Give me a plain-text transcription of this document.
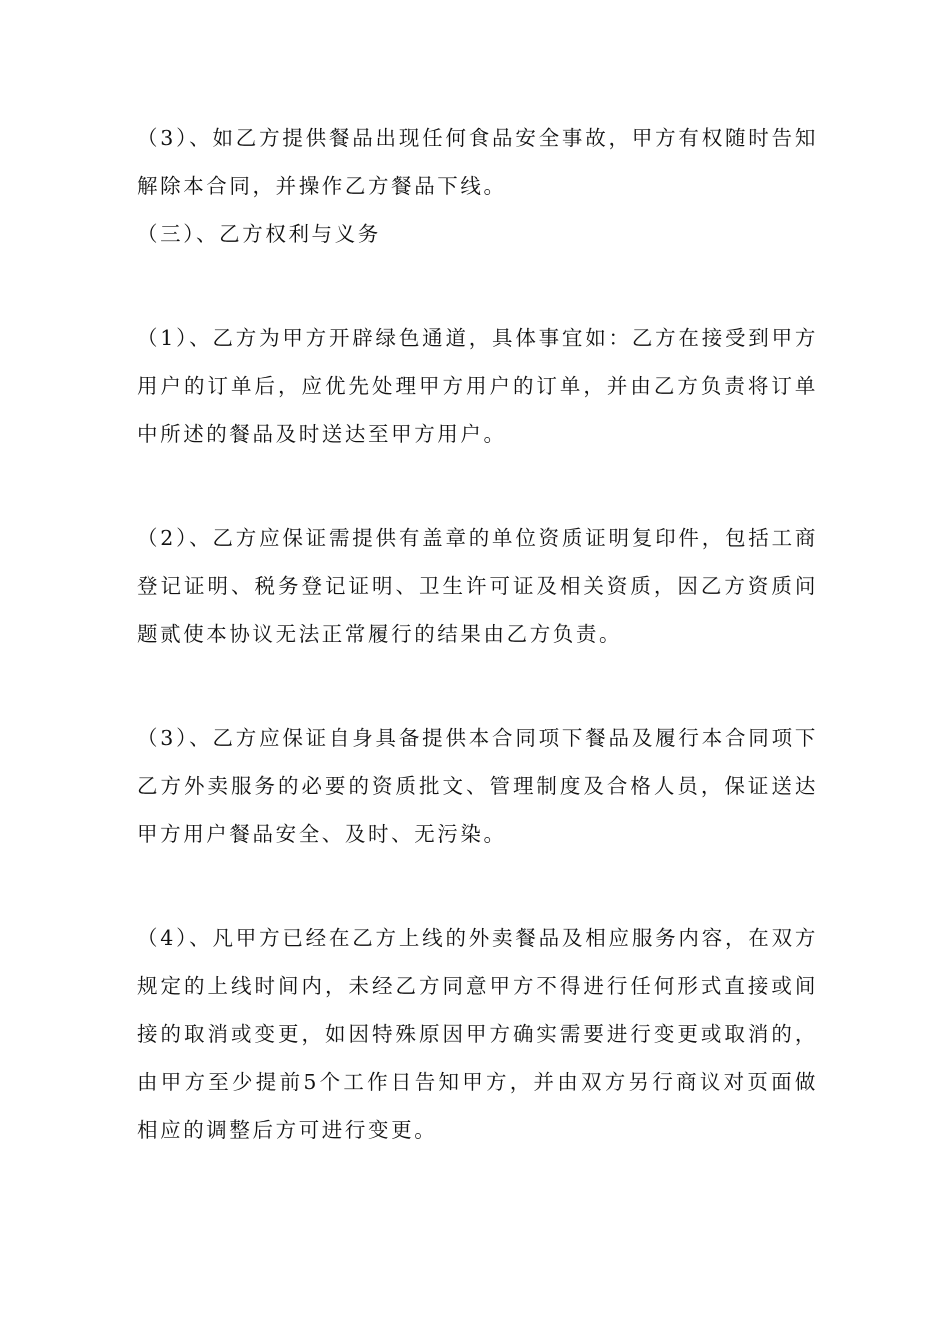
（3）、如乙方提供餐品出现任何食品安全事故，甲方有权随时告知解除本合同，并操作乙方餐品下线。

（三）、乙方权利与义务

（1）、乙方为甲方开辟绿色通道，具体事宜如：乙方在接受到甲方用户的订单后，应优先处理甲方用户的订单，并由乙方负责将订单中所述的餐品及时送达至甲方用户。

（2）、乙方应保证需提供有盖章的单位资质证明复印件，包括工商登记证明、税务登记证明、卫生许可证及相关资质，因乙方资质问题贰使本协议无法正常履行的结果由乙方负责。

（3）、乙方应保证自身具备提供本合同项下餐品及履行本合同项下乙方外卖服务的必要的资质批文、管理制度及合格人员，保证送达甲方用户餐品安全、及时、无污染。

（4）、凡甲方已经在乙方上线的外卖餐品及相应服务内容，在双方规定的上线时间内，未经乙方同意甲方不得进行任何形式直接或间接的取消或变更，如因特殊原因甲方确实需要进行变更或取消的，由甲方至少提前5个工作日告知甲方，并由双方另行商议对页面做相应的调整后方可进行变更。
